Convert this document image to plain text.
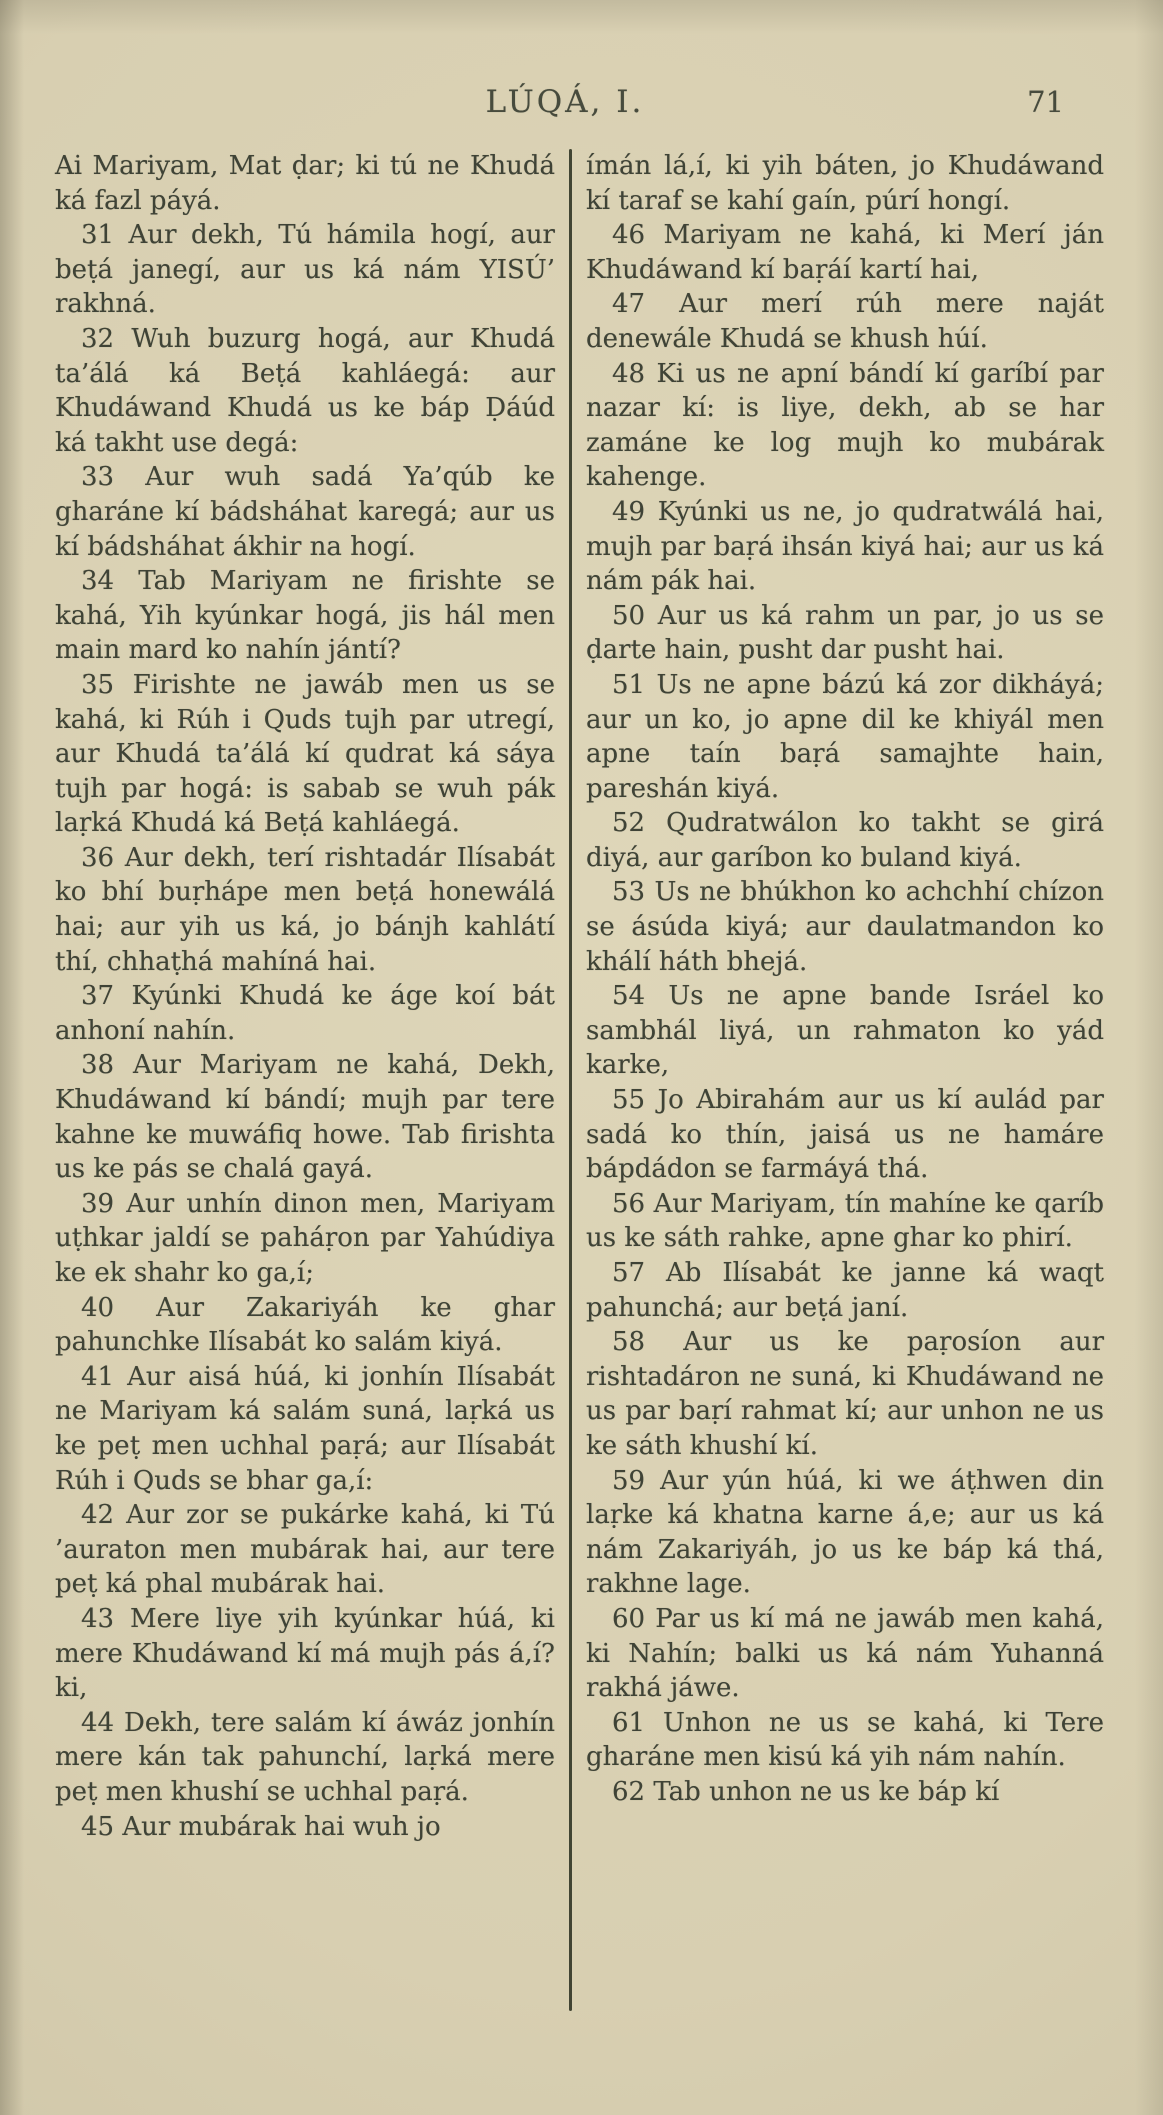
LÚQÁ, I.	71

Ai Mariyam, Mat ḍar; ki tú ne Khudá ká fazl páyá.

31 Aur dekh, Tú hámila hogí, aur beṭá janegí, aur us ká nám YISÚ’ rakhná.

32 Wuh buzurg hogá, aur Khudá ta’álá ká Beṭá kahláegá: aur Khudáwand Khudá us ke báp Ḍáúd ká takht use degá:

33 Aur wuh sadá Ya’qúb ke gharáne kí bádsháhat karegá; aur us kí bádsháhat ákhir na hogí.

34 Tab Mariyam ne firishte se kahá, Yih kyúnkar hogá, jis hál men main mard ko nahín jántí?

35 Firishte ne jawáb men us se kahá, ki Rúh i Quds tujh par utregí, aur Khudá ta’álá kí qudrat ká sáya tujh par hogá: is sabab se wuh pák laṛká Khudá ká Beṭá kahláegá.

36 Aur dekh, terí rishtadár Ilísabát ko bhí buṛhápe men beṭá honewálá hai; aur yih us ká, jo bánjh kahlátí thí, chhaṭhá mahíná hai.

37 Kyúnki Khudá ke áge koí bát anhoní nahín.

38 Aur Mariyam ne kahá, Dekh, Khudáwand kí bándí; mujh par tere kahne ke muwáfiq howe. Tab firishta us ke pás se chalá gayá.

39 Aur unhín dinon men, Mariyam uṭhkar jaldí se paháṛon par Yahúdiya ke ek shahr ko ga,í;

40 Aur Zakariyáh ke ghar pahunchke Ilísabát ko salám kiyá.

41 Aur aisá húá, ki jonhín Ilísabát ne Mariyam ká salám suná, laṛká us ke peṭ men uchhal paṛá; aur Ilísabát Rúh i Quds se bhar ga,í:

42 Aur zor se pukárke kahá, ki Tú ’auraton men mubárak hai, aur tere peṭ ká phal mubárak hai.

43 Mere liye yih kyúnkar húá, ki mere Khudáwand kí má mujh pás á,í? ki,

44 Dekh, tere salám kí áwáz jonhín mere kán tak pahunchí, laṛká mere peṭ men khushí se uchhal paṛá.

45 Aur mubárak hai wuh jo

ímán lá,í, ki yih báten, jo Khudáwand kí taraf se kahí gaín, púrí hongí.

46 Mariyam ne kahá, ki Merí ján Khudáwand kí baṛáí kartí hai,

47 Aur merí rúh mere naját denewále Khudá se khush húí.

48 Ki us ne apní bándí kí garíbí par nazar kí: is liye, dekh, ab se har zamáne ke log mujh ko mubárak kahenge.

49 Kyúnki us ne, jo qudratwálá hai, mujh par baṛá ihsán kiyá hai; aur us ká nám pák hai.

50 Aur us ká rahm un par, jo us se ḍarte hain, pusht dar pusht hai.

51 Us ne apne bázú ká zor dikháyá; aur un ko, jo apne dil ke khiyál men apne taín baṛá samajhte hain, pareshán kiyá.

52 Qudratwálon ko takht se girá diyá, aur garíbon ko buland kiyá.

53 Us ne bhúkhon ko achchhí chízon se ásúda kiyá; aur daulatmandon ko khálí háth bhejá.

54 Us ne apne bande Isráel ko sambhál liyá, un rahmaton ko yád karke,

55 Jo Abirahám aur us kí aulád par sadá ko thín, jaisá us ne hamáre bápdádon se farmáyá thá.

56 Aur Mariyam, tín mahíne ke qaríb us ke sáth rahke, apne ghar ko phirí.

57 Ab Ilísabát ke janne ká waqt pahunchá; aur beṭá janí.

58 Aur us ke paṛosíon aur rishtadáron ne suná, ki Khudáwand ne us par baṛí rahmat kí; aur unhon ne us ke sáth khushí kí.

59 Aur yún húá, ki we áṭhwen din laṛke ká khatna karne á,e; aur us ká nám Zakariyáh, jo us ke báp ká thá, rakhne lage.

60 Par us kí má ne jawáb men kahá, ki Nahín; balki us ká nám Yuhanná rakhá jáwe.

61 Unhon ne us se kahá, ki Tere gharáne men kisú ká yih nám nahín.

62 Tab unhon ne us ke báp kí
